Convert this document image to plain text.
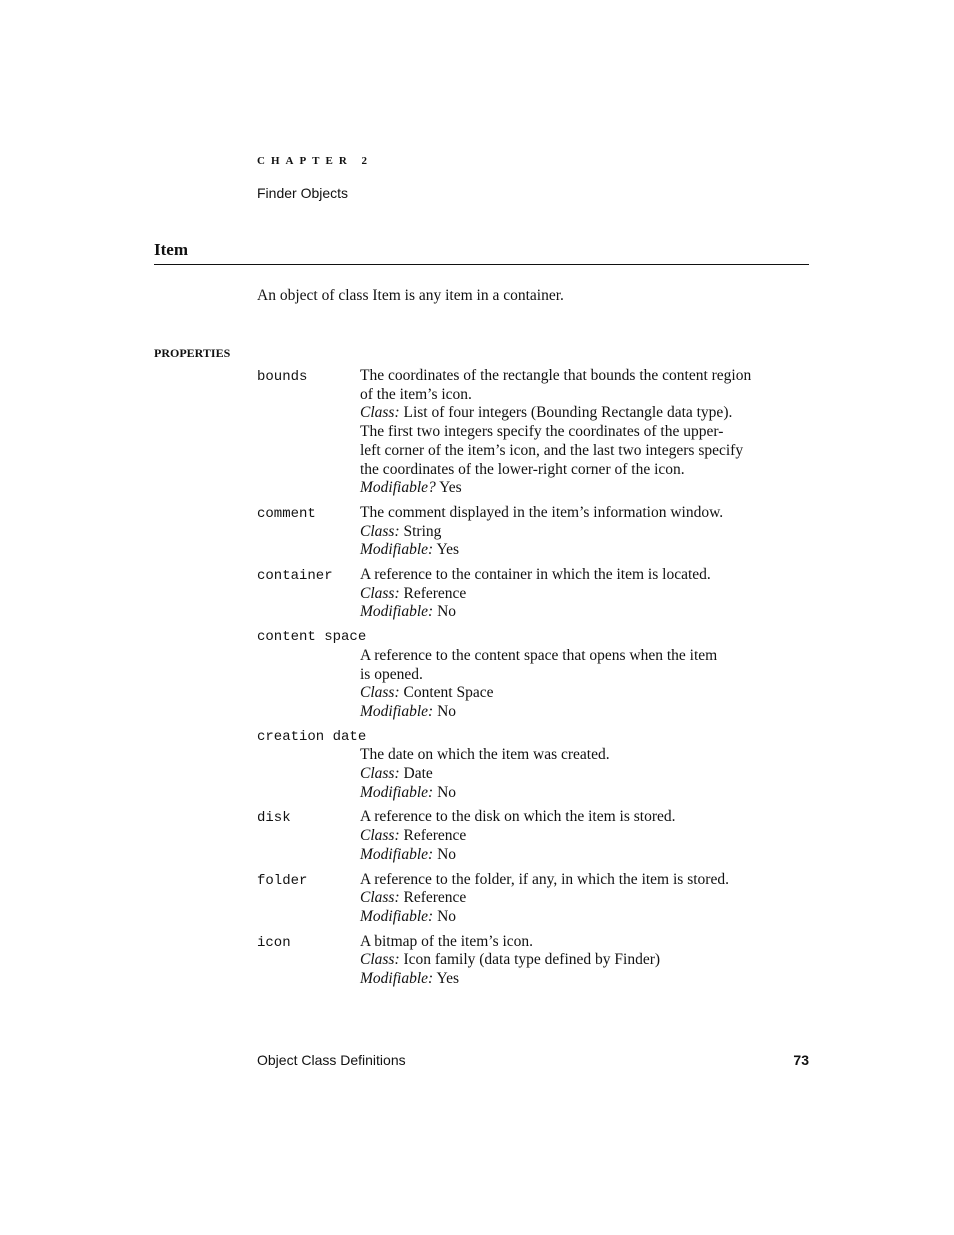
CHAPTER 2
Finder Objects
Item
An object of class Item is any item in a container.
PROPERTIES
bounds	The coordinates of the rectangle that bounds the content region
of the item’s icon.
Class: List of four integers (Bounding Rectangle data type).
The first two integers specify the coordinates of the upper-
left corner of the item’s icon, and the last two integers specify
the coordinates of the lower-right corner of the icon.
Modifiable? Yes
comment	The comment displayed in the item’s information window.
Class: String
Modifiable: Yes
container A reference to the container in which the item is located.
Class: Reference
Modifiable: No
content space
A reference to the content space that opens when the item
is opened.
Class: Content Space
Modifiable: No
creation date
The date on which the item was created.
Class: Date
Modifiable: No
disk	A reference to the disk on which the item is stored.
Class: Reference
Modifiable: No
folder	A reference to the folder, if any, in which the item is stored.
Class: Reference
Modifiable: No
icon	A bitmap of the item’s icon.
Class: Icon family (data type defined by Finder)
Modifiable: Yes
Object Class Definitions	73
